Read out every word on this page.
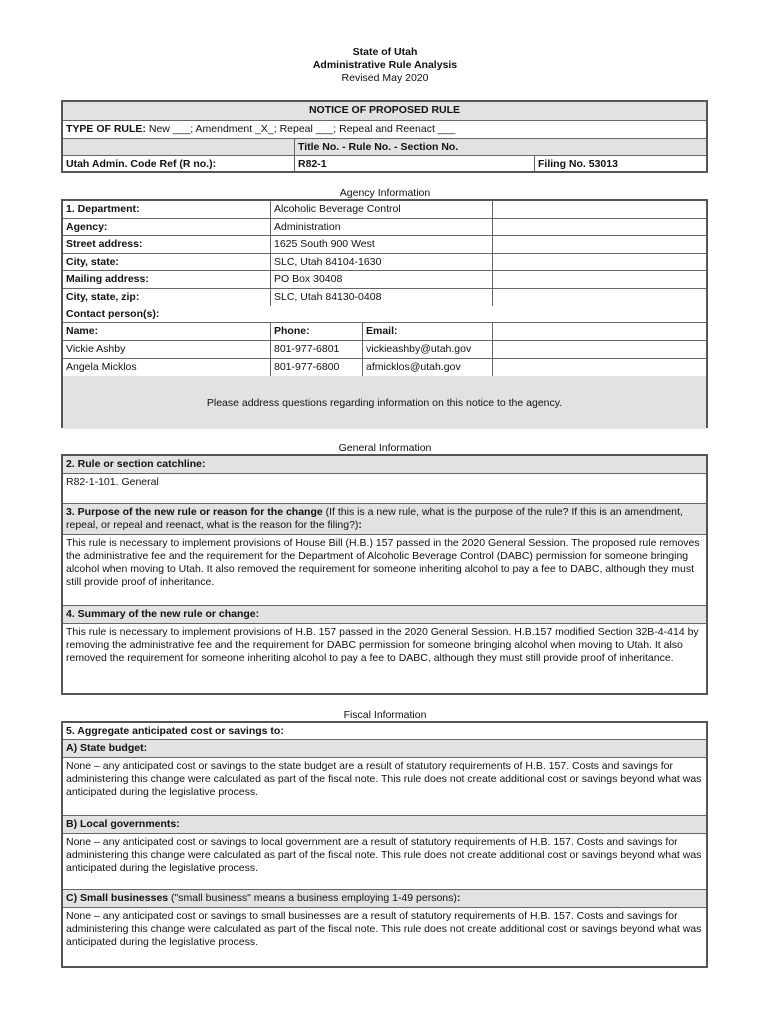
State of Utah
Administrative Rule Analysis
Revised May 2020
NOTICE OF PROPOSED RULE
TYPE OF RULE: New ___; Amendment _X_; Repeal ___; Repeal and Reenact ___
Title No. - Rule No. - Section No.
Utah Admin. Code Ref (R no.):	R82-1	Filing No. 53013
Agency Information
1. Department:	Alcoholic Beverage Control
Agency:	Administration
Street address:	1625 South 900 West
City, state:	SLC, Utah 84104-1630
Mailing address:	PO Box 30408
City, state, zip:	SLC, Utah 84130-0408
Contact person(s):
Name:	Phone:	Email:
Vickie Ashby	801-977-6801	vickieashby@utah.gov
Angela Micklos	801-977-6800	afmicklos@utah.gov
Please address questions regarding information on this notice to the agency.
General Information
2. Rule or section catchline:
R82-1-101. General
3. Purpose of the new rule or reason for the change (If this is a new rule, what is the purpose of the rule? If this is an amendment, repeal, or repeal and reenact, what is the reason for the filing?):
This rule is necessary to implement provisions of House Bill (H.B.) 157 passed in the 2020 General Session. The proposed rule removes the administrative fee and the requirement for the Department of Alcoholic Beverage Control (DABC) permission for someone bringing alcohol when moving to Utah. It also removed the requirement for someone inheriting alcohol to pay a fee to DABC, although they must still provide proof of inheritance.
4. Summary of the new rule or change:
This rule is necessary to implement provisions of H.B. 157 passed in the 2020 General Session. H.B.157 modified Section 32B-4-414 by removing the administrative fee and the requirement for DABC permission for someone bringing alcohol when moving to Utah. It also removed the requirement for someone inheriting alcohol to pay a fee to DABC, although they must still provide proof of inheritance.
Fiscal Information
5. Aggregate anticipated cost or savings to:
A) State budget:
None – any anticipated cost or savings to the state budget are a result of statutory requirements of H.B. 157. Costs and savings for administering this change were calculated as part of the fiscal note. This rule does not create additional cost or savings beyond what was anticipated during the legislative process.
B) Local governments:
None – any anticipated cost or savings to local government are a result of statutory requirements of H.B. 157. Costs and savings for administering this change were calculated as part of the fiscal note. This rule does not create additional cost or savings beyond what was anticipated during the legislative process.
C) Small businesses ("small business" means a business employing 1-49 persons):
None – any anticipated cost or savings to small businesses are a result of statutory requirements of H.B. 157. Costs and savings for administering this change were calculated as part of the fiscal note. This rule does not create additional cost or savings beyond what was anticipated during the legislative process.
